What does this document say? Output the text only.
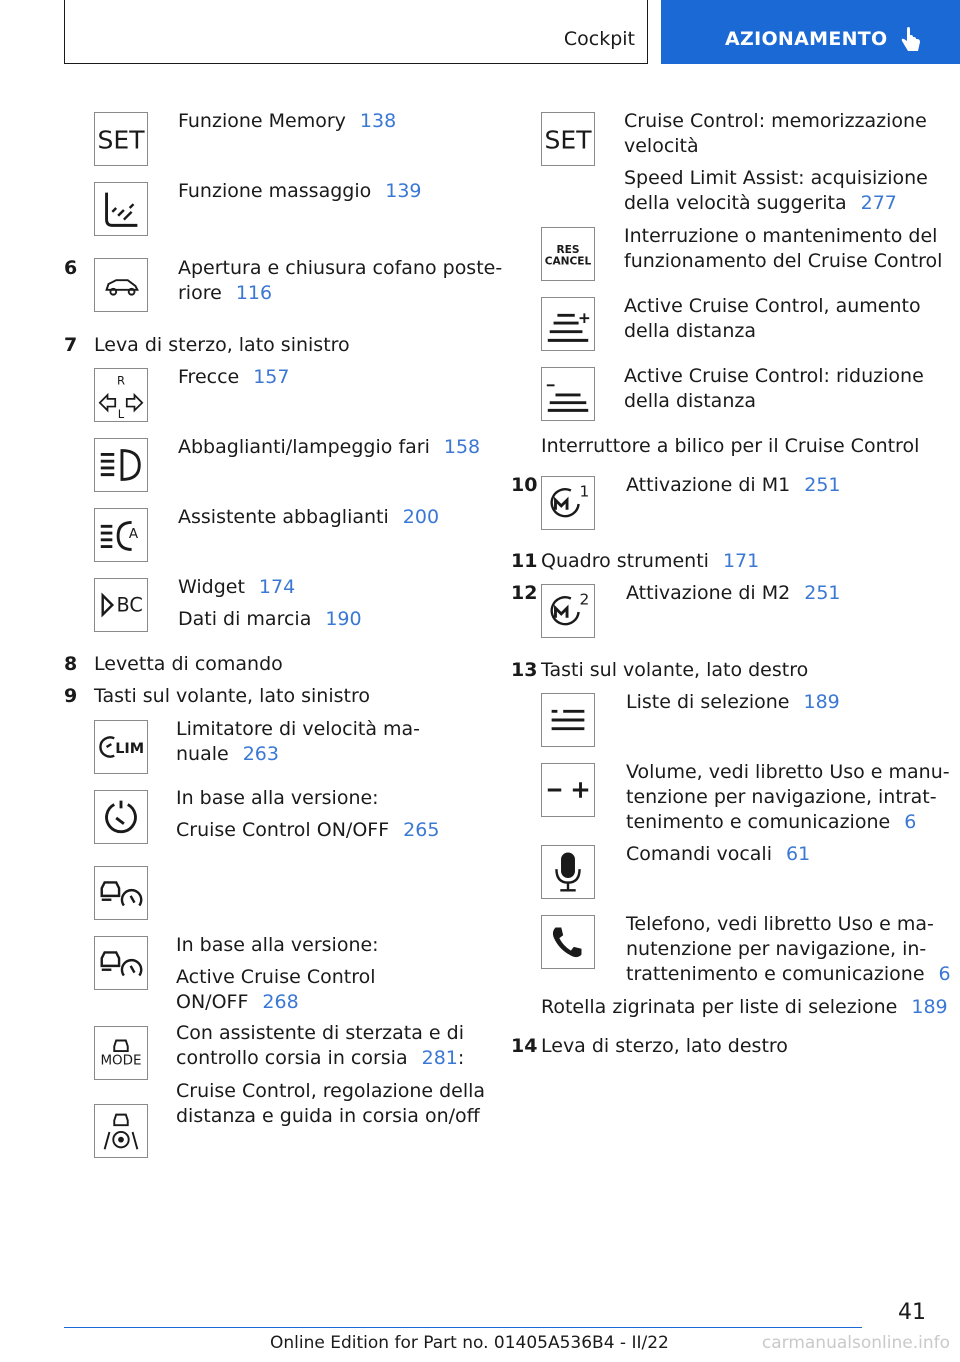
Cockpit	AZIONAMENTO
SET
Funzione Memory 138
Funzione massaggio 139
6	Apertura e chiusura cofano poste-
riore 116
7 Leva di sterzo, lato sinistro
R
L
Frecce 157
Abbaglianti/lampeggio fari 158
A
Assistente abbaglianti 200
BC
Widget 174
Dati di marcia 190
8 Levetta di comando
9 Tasti sul volante, lato sinistro
LIM
Limitatore di velocità ma-
nuale 263
In base alla versione:
Cruise Control ON/OFF 265
In base alla versione:
Active Cruise Control
ON/OFF 268
MODE
Con assistente di sterzata e di
controllo corsia in corsia 281:
Cruise Control, regolazione della
distanza e guida in corsia on/off
SET
Cruise Control: memorizzazione
velocità
Speed Limit Assist: acquisizione
della velocità suggerita 277
RES
CANCEL
Interruzione o mantenimento del
funzionamento del Cruise Control
Active Cruise Control, aumento
della distanza
Active Cruise Control: riduzione
della distanza
Interruttore a bilico per il Cruise Control
10	1 Attivazione di M1 251
11 Quadro strumenti 171
12	2 Attivazione di M2 251
13 Tasti sul volante, lato destro
Liste di selezione 189
Volume, vedi libretto Uso e manu-
tenzione per navigazione, intrat-
tenimento e comunicazione 6
Comandi vocali 61
Telefono, vedi libretto Uso e ma-
nutenzione per navigazione, in-
trattenimento e comunicazione 6
Rotella zigrinata per liste di selezione 189
14 Leva di sterzo, lato destro
41
Online Edition for Part no. 01405A536B4 - II/22	carmanualsonline.info
